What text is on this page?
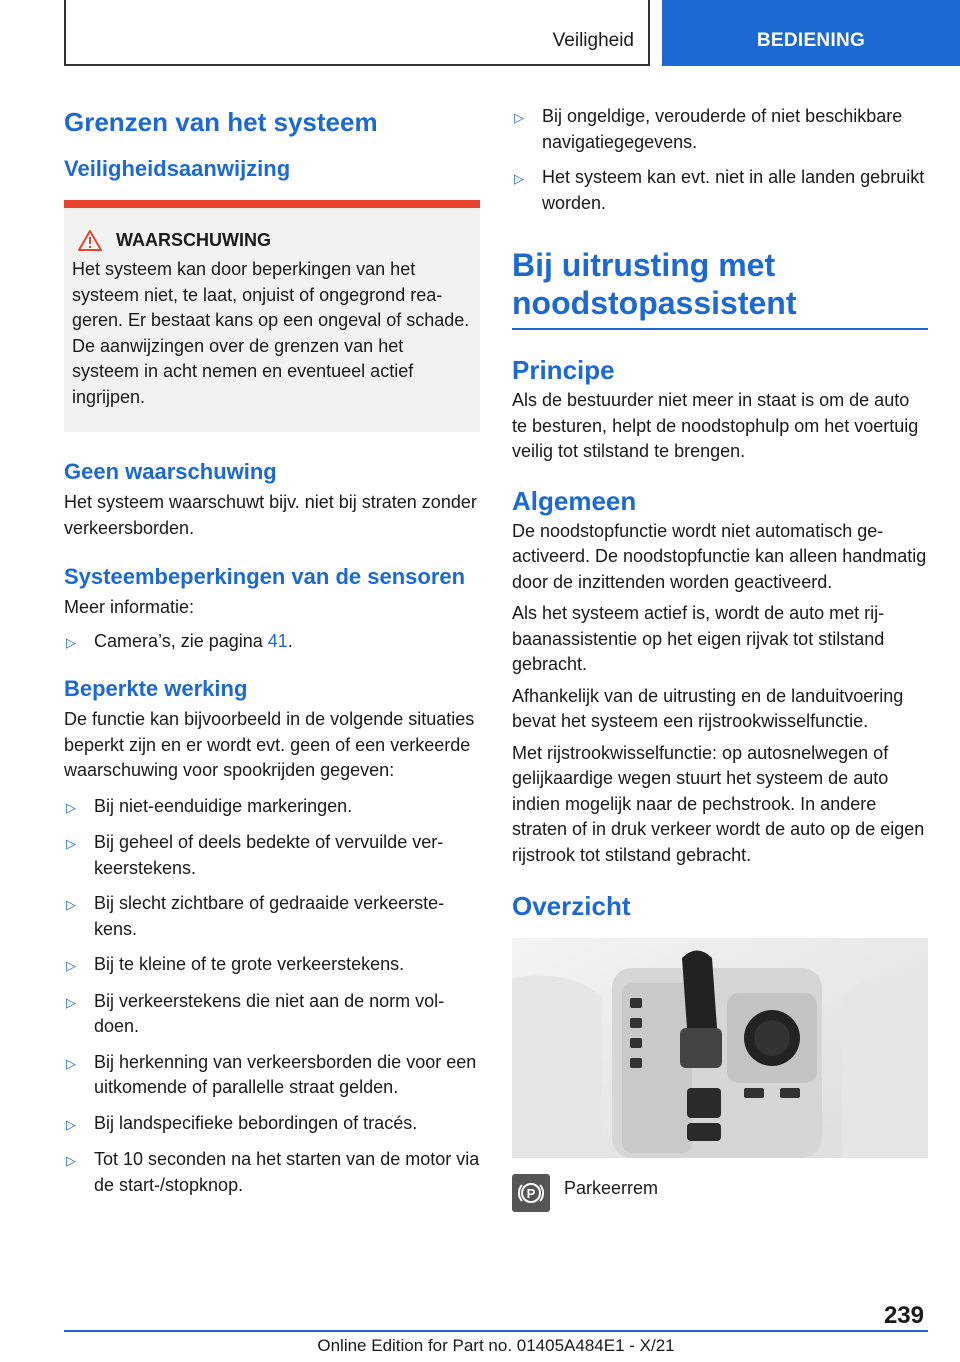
Veiligheid	BEDIENING
Grenzen van het systeem
Veiligheidsaanwijzing
WAARSCHUWING

Het systeem kan door beperkingen van het systeem niet, te laat, onjuist of ongegrond reageren. Er bestaat kans op een ongeval of schade. De aanwijzingen over de grenzen van het systeem in acht nemen en eventueel actief ingrijpen.

Geen waarschuwing

Het systeem waarschuwt bijv. niet bij straten zonder verkeersborden.

Systeembeperkingen van de sensoren

Meer informatie:

▷	Camera’s, zie pagina 41.
Beperkte werking

De functie kan bijvoorbeeld in de volgende situaties beperkt zijn en er wordt evt. geen of een verkeerde waarschuwing voor spookrijden gegeven:

▷	Bij niet-eenduidige markeringen.
▷	Bij geheel of deels bedekte of vervuilde verkeerstekens.
▷	Bij slecht zichtbare of gedraaide verkeerstekens.
▷	Bij te kleine of te grote verkeerstekens.
▷	Bij verkeerstekens die niet aan de norm voldoen.
▷	Bij herkenning van verkeersborden die voor een uitkomende of parallelle straat gelden.
▷	Bij landspecifieke bebordingen of tracés.
▷	Tot 10 seconden na het starten van de motor via de start-/stopknop.
▷	Bij ongeldige, verouderde of niet beschikbare navigatiegegevens.
▷	Het systeem kan evt. niet in alle landen gebruikt worden.
Bij uitrusting met noodstopassistent
Principe

Als de bestuurder niet meer in staat is om de auto te besturen, helpt de noodstophulp om het voertuig veilig tot stilstand te brengen.

Algemeen

De noodstopfunctie wordt niet automatisch geactiveerd. De noodstopfunctie kan alleen handmatig door de inzittenden worden geactiveerd.

Als het systeem actief is, wordt de auto met rijbaanassistentie op het eigen rijvak tot stilstand gebracht.

Afhankelijk van de uitrusting en de landuitvoering bevat het systeem een rijstrookwisselfunctie.

Met rijstrookwisselfunctie: op autosnelwegen of gelijkaardige wegen stuurt het systeem de auto indien mogelijk naar de pechstrook. In andere straten of in druk verkeer wordt de auto op de eigen rijstrook tot stilstand gebracht.

Overzicht
P Parkeerrem
239
Online Edition for Part no. 01405A484E1 - X/21
